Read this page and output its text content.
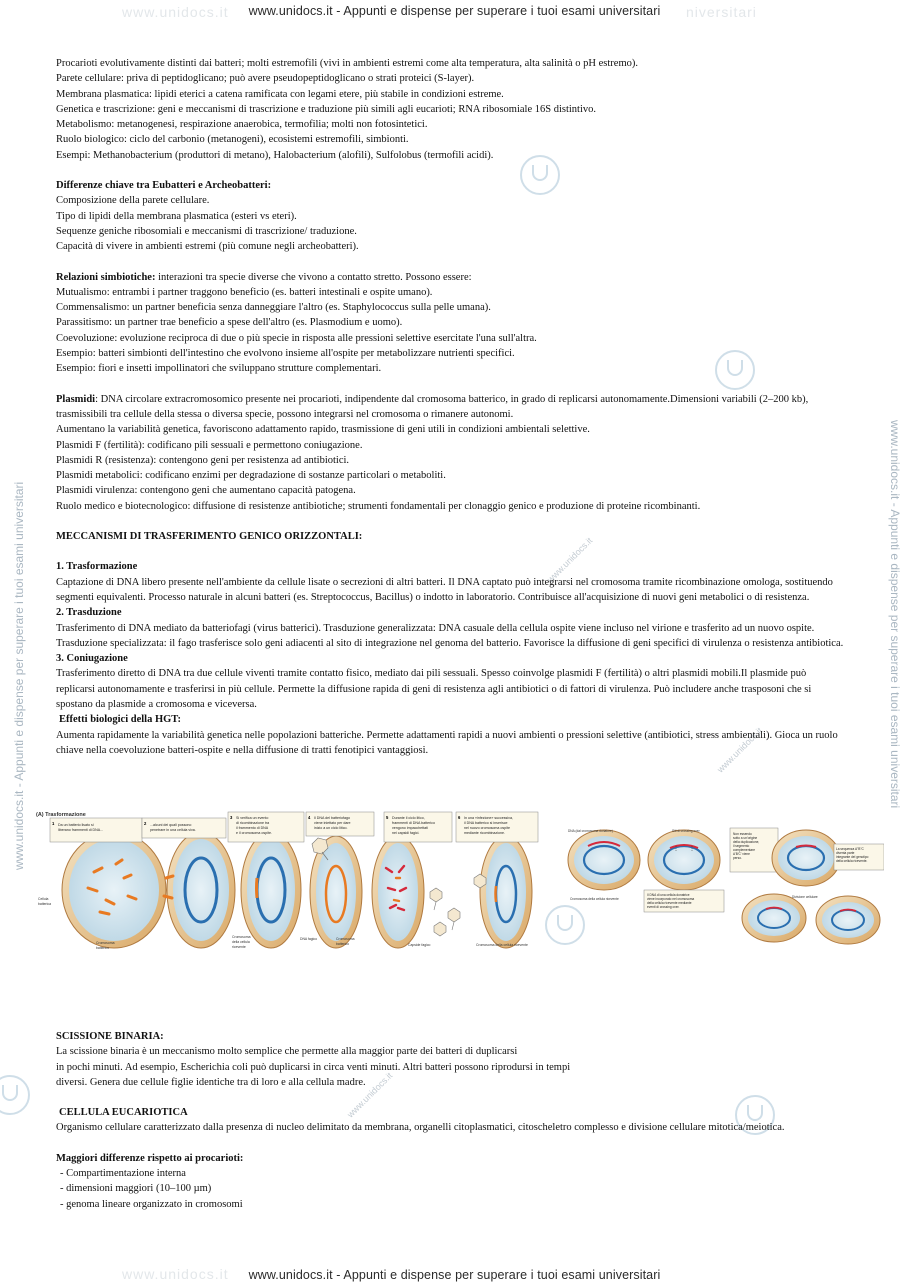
www.unidocs.it	niversitari
www.unidocs.it - Appunti e dispense per superare i tuoi esami universitari
www.unidocs.it	www.unidocs.it - Appunti e dispense per superare i tuoi esami universitari
www.unidocs.it - Appunti e dispense per superare i tuoi esami universitari	www.unidocs.it - Appunti e dispense per superare i tuoi esami universitari
www.unidocs.it
www.unidocs.it
www.unidocs.it

Procarioti evolutivamente distinti dai batteri; molti estremofili (vivi in ambienti estremi come alta temperatura, alta salinità o pH estremo).

Parete cellulare: priva di peptidoglicano; può avere pseudopeptidoglicano o strati proteici (S-layer).

Membrana plasmatica: lipidi eterici a catena ramificata con legami etere, più stabile in condizioni estreme.

Genetica e trascrizione: geni e meccanismi di trascrizione e traduzione più simili agli eucarioti; RNA ribosomiale 16S distintivo.

Metabolismo: metanogenesi, respirazione anaerobica, termofilia; molti non fotosintetici.

Ruolo biologico: ciclo del carbonio (metanogeni), ecosistemi estremofili, simbionti.

Esempi: Methanobacterium (produttori di metano), Halobacterium (alofili), Sulfolobus (termofili acidi).

Differenze chiave tra Eubatteri e Archeobatteri:

Composizione della parete cellulare.

Tipo di lipidi della membrana plasmatica (esteri vs eteri).

Sequenze geniche ribosomiali e meccanismi di trascrizione/ traduzione.

Capacità di vivere in ambienti estremi (più comune negli archeobatteri).

Relazioni simbiotiche: interazioni tra specie diverse che vivono a contatto stretto. Possono essere:

Mutualismo: entrambi i partner traggono beneficio (es. batteri intestinali e ospite umano).

Commensalismo: un partner beneficia senza danneggiare l'altro (es. Staphylococcus sulla pelle umana).

Parassitismo: un partner trae beneficio a spese dell'altro (es. Plasmodium e uomo).

Coevoluzione: evoluzione reciproca di due o più specie in risposta alle pressioni selettive esercitate l'una sull'altra.

Esempio: batteri simbionti dell'intestino che evolvono insieme all'ospite per metabolizzare nutrienti specifici.

Esempio: fiori e insetti impollinatori che sviluppano strutture complementari.

Plasmidi: DNA circolare extracromosomico presente nei procarioti, indipendente dal cromosoma batterico, in grado di replicarsi autonomamente.Dimensioni variabili (2–200 kb), trasmissibili tra cellule della stessa o diversa specie, possono integrarsi nel cromosoma o rimanere autonomi.

Aumentano la variabilità genetica, favoriscono adattamento rapido, trasmissione di geni utili in condizioni ambientali selettive.

Plasmidi F (fertilità): codificano pili sessuali e permettono coniugazione.

Plasmidi R (resistenza): contengono geni per resistenza ad antibiotici.

Plasmidi metabolici: codificano enzimi per degradazione di sostanze particolari o metaboliti.

Plasmidi virulenza: contengono geni che aumentano capacità patogena.

Ruolo medico e biotecnologico: diffusione di resistenze antibiotiche; strumenti fondamentali per clonaggio genico e produzione di proteine ricombinanti.

MECCANISMI DI TRASFERIMENTO GENICO ORIZZONTALI:

1. Trasformazione

Captazione di DNA libero presente nell'ambiente da cellule lisate o secrezioni di altri batteri. Il DNA captato può integrarsi nel cromosoma tramite ricombinazione omologa, sostituendo segmenti equivalenti. Processo naturale in alcuni batteri (es. Streptococcus, Bacillus) o indotto in laboratorio. Contribuisce all'acquisizione di nuovi geni metabolici o di resistenza.

2. Trasduzione

Trasferimento di DNA mediato da batteriofagi (virus batterici). Trasduzione generalizzata: DNA casuale della cellula ospite viene incluso nel virione e trasferito ad un nuovo ospite. Trasduzione specializzata: il fago trasferisce solo geni adiacenti al sito di integrazione nel genoma del batterio. Favorisce la diffusione di geni specifici di virulenza o resistenza antibiotica.

3. Coniugazione

Trasferimento diretto di DNA tra due cellule viventi tramite contatto fisico, mediato dai pili sessuali. Spesso coinvolge plasmidi F (fertilità) o altri plasmidi mobili.Il plasmide può replicarsi autonomamente e trasferirsi in più cellule. Permette la diffusione rapida di geni di resistenza agli antibiotici o di fattori di virulenza. Può includere anche trasposoni che si spostano da plasmide a cromosoma e viceversa.

Effetti biologici della HGT:

Aumenta rapidamente la variabilità genetica nelle popolazioni batteriche. Permette adattamenti rapidi a nuovi ambienti o pressioni selettive (antibiotici, stress ambientali). Gioca un ruolo chiave nella coevoluzione batteri-ospite e nella diffusione di tratti fenotipici vantaggiosi.

(A) Trasformazione
1 Da un batterio lisato si liberano frammenti di DNA...
Cellula batterica
Cromosoma batterico
2 ...alcuni dei quali possono penetrare in una cellula viva.
Cromosoma della cellula ricevente
3 Si verifica un evento di ricombinazione tra il frammento di DNA e il cromosoma ospite.
4 Il DNA del batteriofago viene iniettato per dare inizio a un ciclo litico.
DNA fagico	Cromosoma batterico
5 Durante il ciclo litico, frammenti di DNA batterico vengono impacchettati nei capsidi fagici.
Capside fagico
6 In una «infezione» successiva, il DNA batterico si inserisce nel nuovo cromosoma ospite mediante ricombinazione.
Cromosoma della cellula ricevente
DNA (dal cromosoma donatore)
Cromosoma della cellula ricevente
Siti di crossing over
Il DNA di una cellula donatrice viene incorporato nel cromosoma della cellula ricevente mediante eventi di crossing over.
Non essendo sotto a un'origine della duplicazione, il segmento complementare A'B'C' viene perso.
La sequenza A"B"C diventa parte integrante del genotipo della cellula ricevente.
Divisione cellulare

SCISSIONE BINARIA:

La scissione binaria è un meccanismo molto semplice che permette alla maggior parte dei batteri di duplicarsi

in pochi minuti. Ad esempio, Escherichia coli può duplicarsi in circa venti minuti. Altri batteri possono riprodursi in tempi

diversi. Genera due cellule figlie identiche tra di loro e alla cellula madre.

CELLULA EUCARIOTICA

Organismo cellulare caratterizzato dalla presenza di nucleo delimitato da membrana, organelli citoplasmatici, citoscheletro complesso e divisione cellulare mitotica/meiotica.

Maggiori differenze rispetto ai procarioti:

- Compartimentazione interna

- dimensioni maggiori (10–100 µm)

- genoma lineare organizzato in cromosomi
